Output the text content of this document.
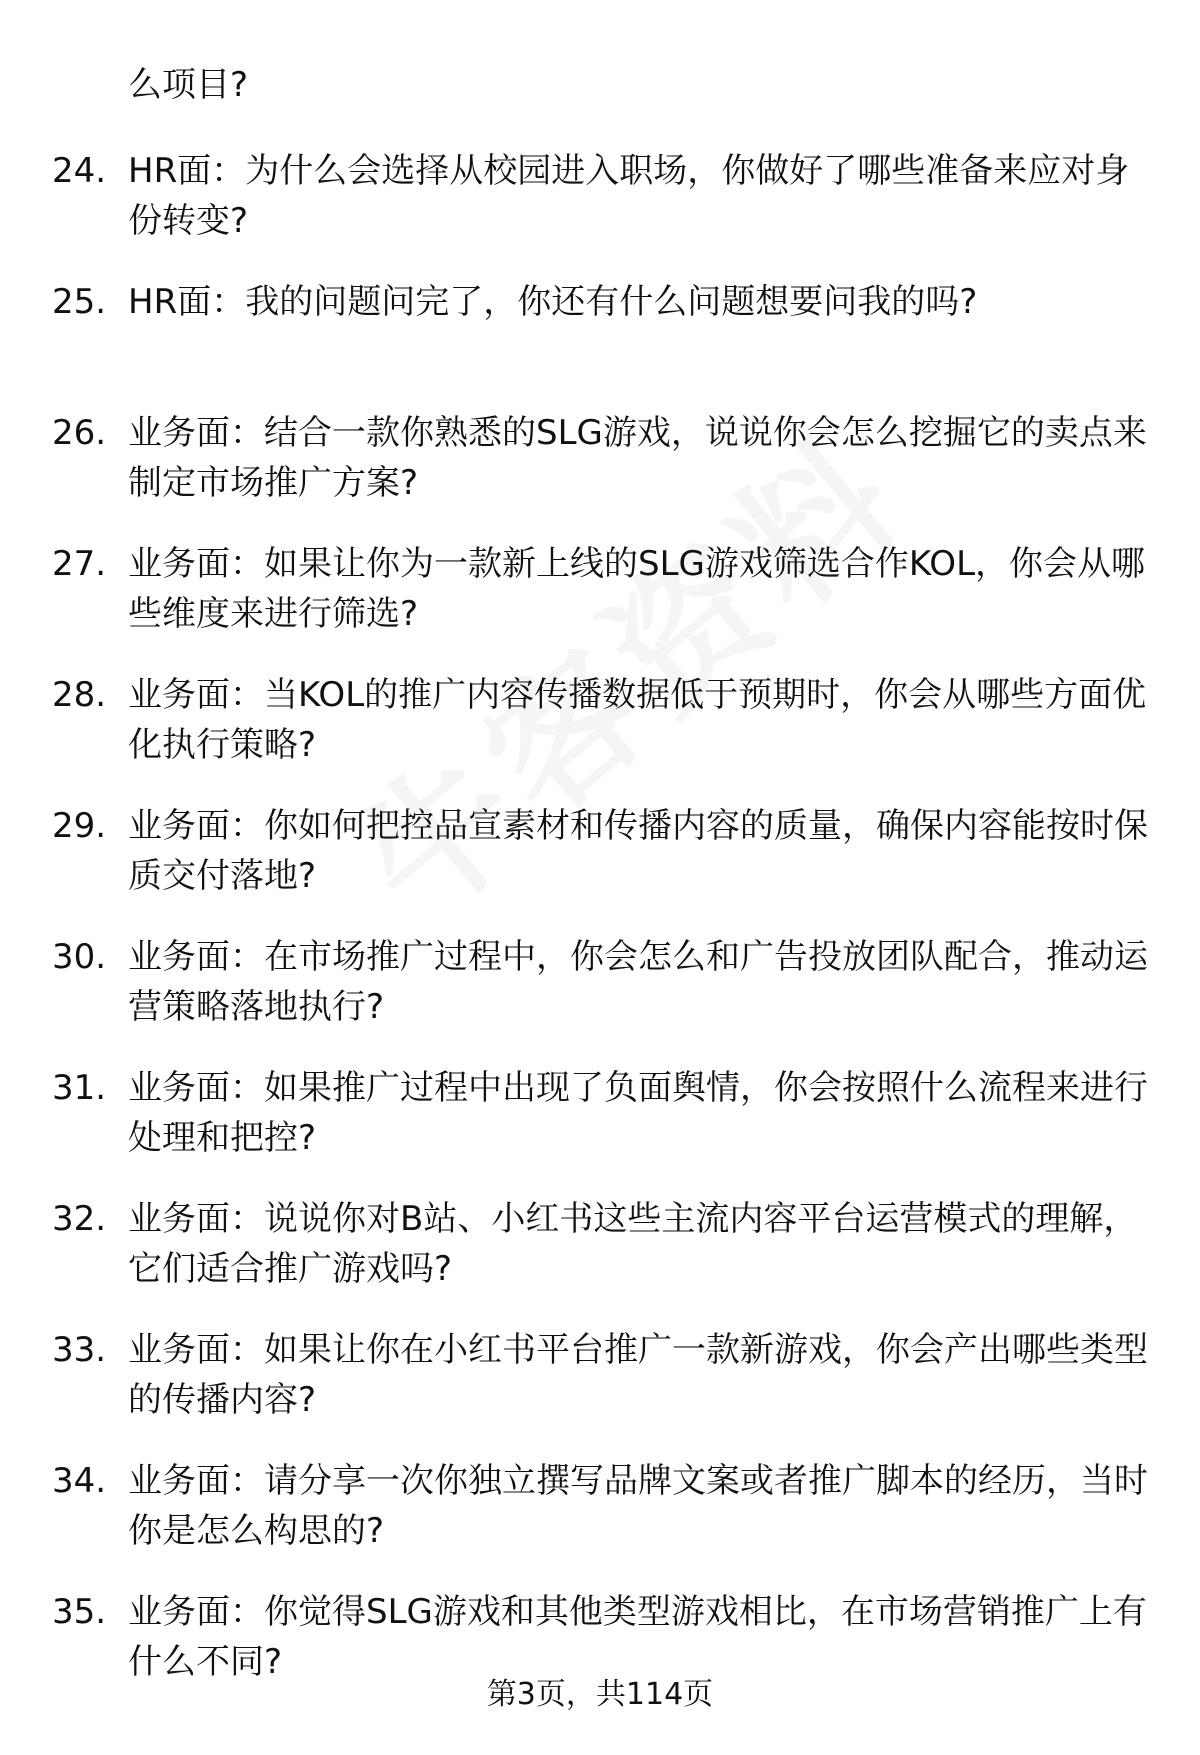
么项目?

24. HR面：为什么会选择从校园进入职场，你做好了哪些准备来应对身份转变?

25. HR面：我的问题问完了，你还有什么问题想要问我的吗?

26. 业务面：结合一款你熟悉的SLG游戏，说说你会怎么挖掘它的卖点来制定市场推广方案?

27. 业务面：如果让你为一款新上线的SLG游戏筛选合作KOL，你会从哪些维度来进行筛选?

28. 业务面：当KOL的推广内容传播数据低于预期时，你会从哪些方面优化执行策略?

29. 业务面：你如何把控品宣素材和传播内容的质量，确保内容能按时保质交付落地?

30. 业务面：在市场推广过程中，你会怎么和广告投放团队配合，推动运营策略落地执行?

31. 业务面：如果推广过程中出现了负面舆情，你会按照什么流程来进行处理和把控?

32. 业务面：说说你对B站、小红书这些主流内容平台运营模式的理解，它们适合推广游戏吗?

33. 业务面：如果让你在小红书平台推广一款新游戏，你会产出哪些类型的传播内容?

34. 业务面：请分享一次你独立撰写品牌文案或者推广脚本的经历，当时你是怎么构思的?

35. 业务面：你觉得SLG游戏和其他类型游戏相比，在市场营销推广上有什么不同?

第3页，共114页
